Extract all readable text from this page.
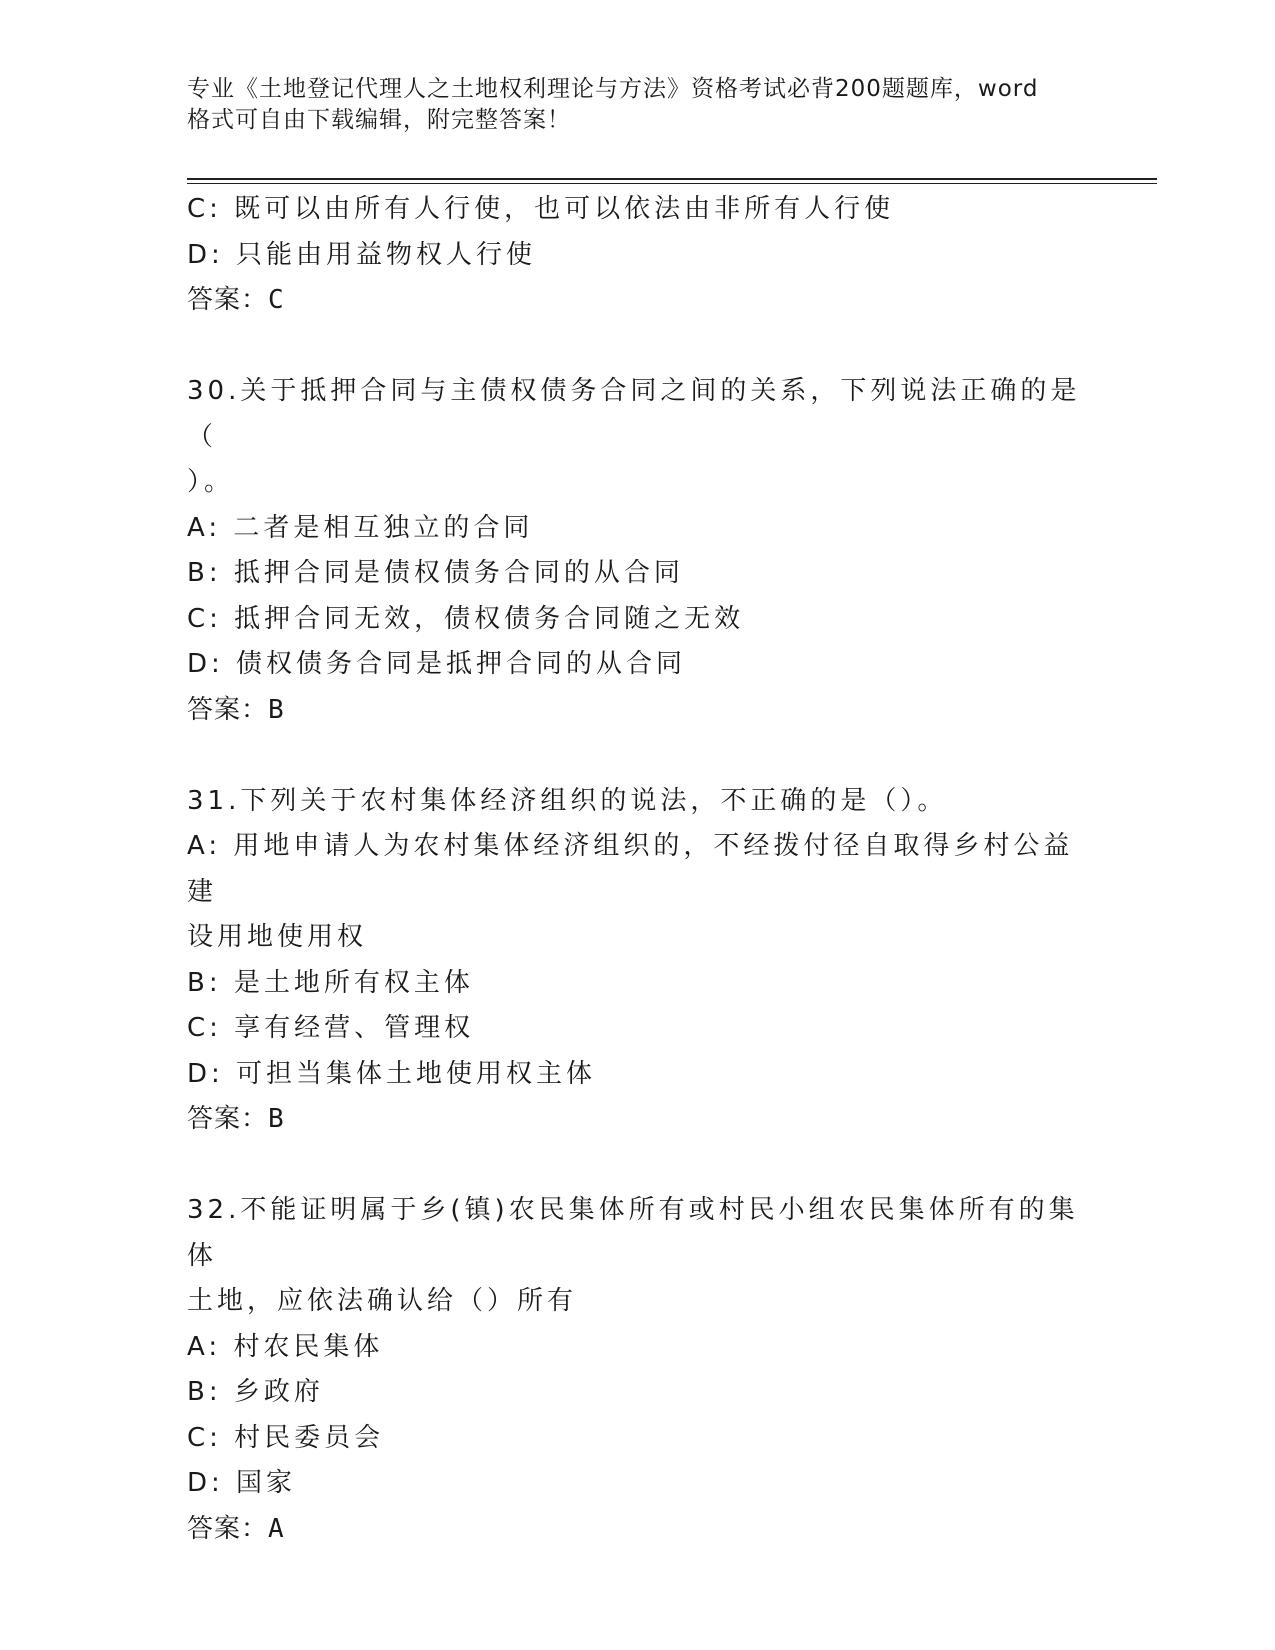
专业《土地登记代理人之土地权利理论与方法》资格考试必背200题题库，word
格式可自由下载编辑，附完整答案！
C: 既可以由所有人行使，也可以依法由非所有人行使
D: 只能由用益物权人行使
答案：C
30.关于抵押合同与主债权债务合同之间的关系，下列说法正确的是（
）。
A: 二者是相互独立的合同
B: 抵押合同是债权债务合同的从合同
C: 抵押合同无效，债权债务合同随之无效
D: 债权债务合同是抵押合同的从合同
答案：B
31.下列关于农村集体经济组织的说法，不正确的是（）。
A: 用地申请人为农村集体经济组织的，不经拨付径自取得乡村公益建
设用地使用权
B: 是土地所有权主体
C: 享有经营、管理权
D: 可担当集体土地使用权主体
答案：B
32.不能证明属于乡(镇)农民集体所有或村民小组农民集体所有的集体
土地，应依法确认给（）所有
A: 村农民集体
B: 乡政府
C: 村民委员会
D: 国家
答案：A
